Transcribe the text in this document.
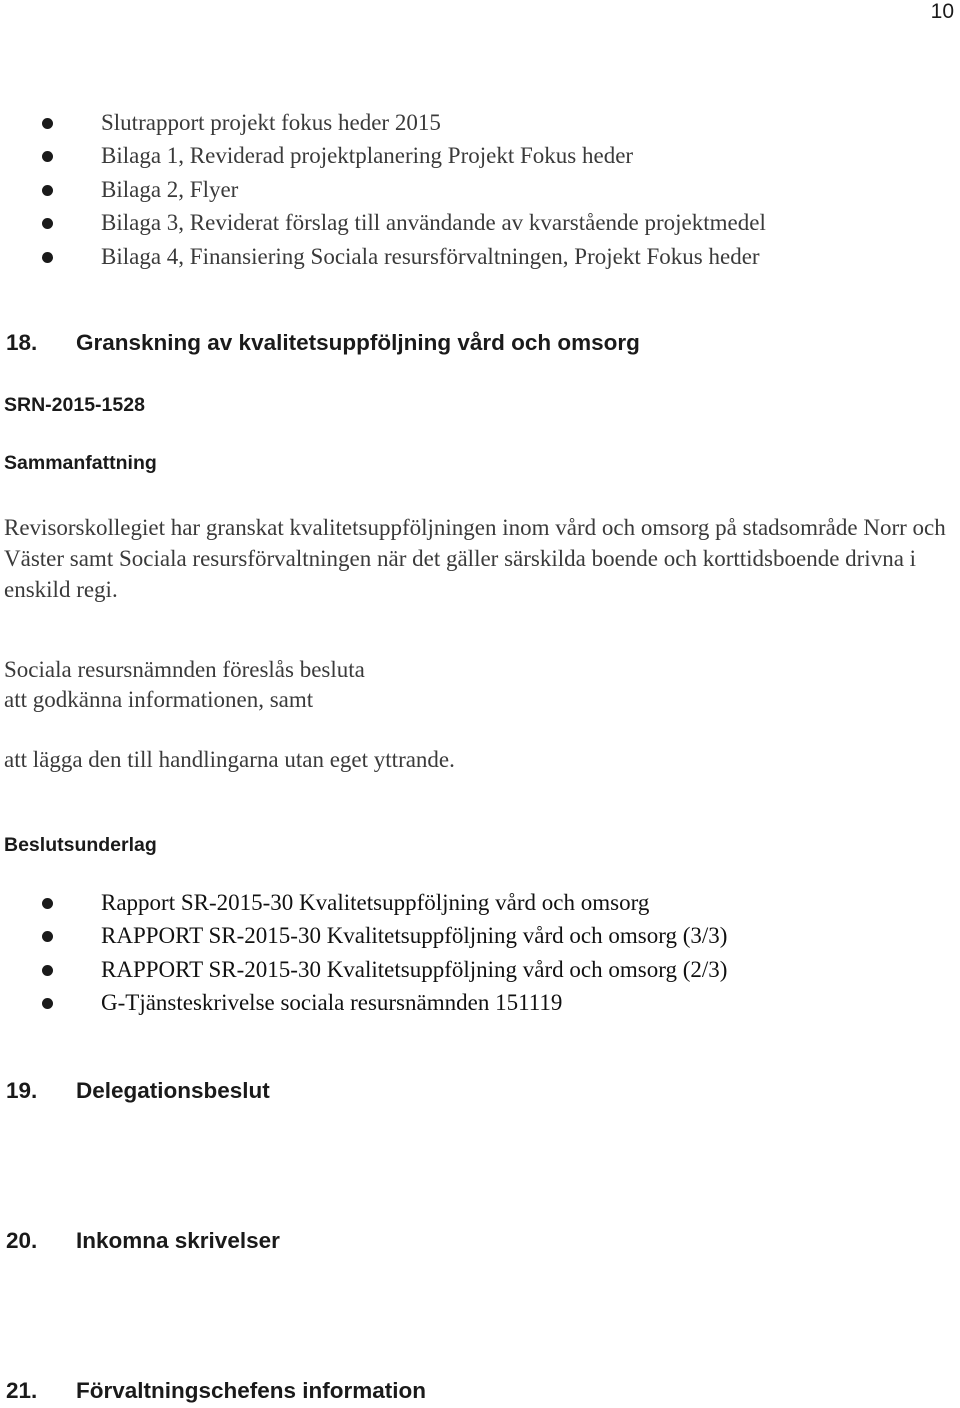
10
Slutrapport projekt fokus heder 2015
Bilaga 1, Reviderad projektplanering Projekt Fokus heder
Bilaga 2, Flyer
Bilaga 3, Reviderat förslag till användande av kvarstående projektmedel
Bilaga 4, Finansiering Sociala resursförvaltningen, Projekt Fokus heder
18. Granskning av kvalitetsuppföljning vård och omsorg
SRN-2015-1528
Sammanfattning

Revisorskollegiet har granskat kvalitetsuppföljningen inom vård och omsorg på stadsområde Norr och Väster samt Sociala resursförvaltningen när det gäller särskilda boende och korttidsboende drivna i enskild regi.

Sociala resursnämnden föreslås besluta

att godkänna informationen, samt

att lägga den till handlingarna utan eget yttrande.

Beslutsunderlag
Rapport SR-2015-30 Kvalitetsuppföljning vård och omsorg
RAPPORT SR-2015-30 Kvalitetsuppföljning vård och omsorg (3/3)
RAPPORT SR-2015-30 Kvalitetsuppföljning vård och omsorg (2/3)
G-Tjänsteskrivelse sociala resursnämnden 151119
19. Delegationsbeslut
20. Inkomna skrivelser
21. Förvaltningschefens information
